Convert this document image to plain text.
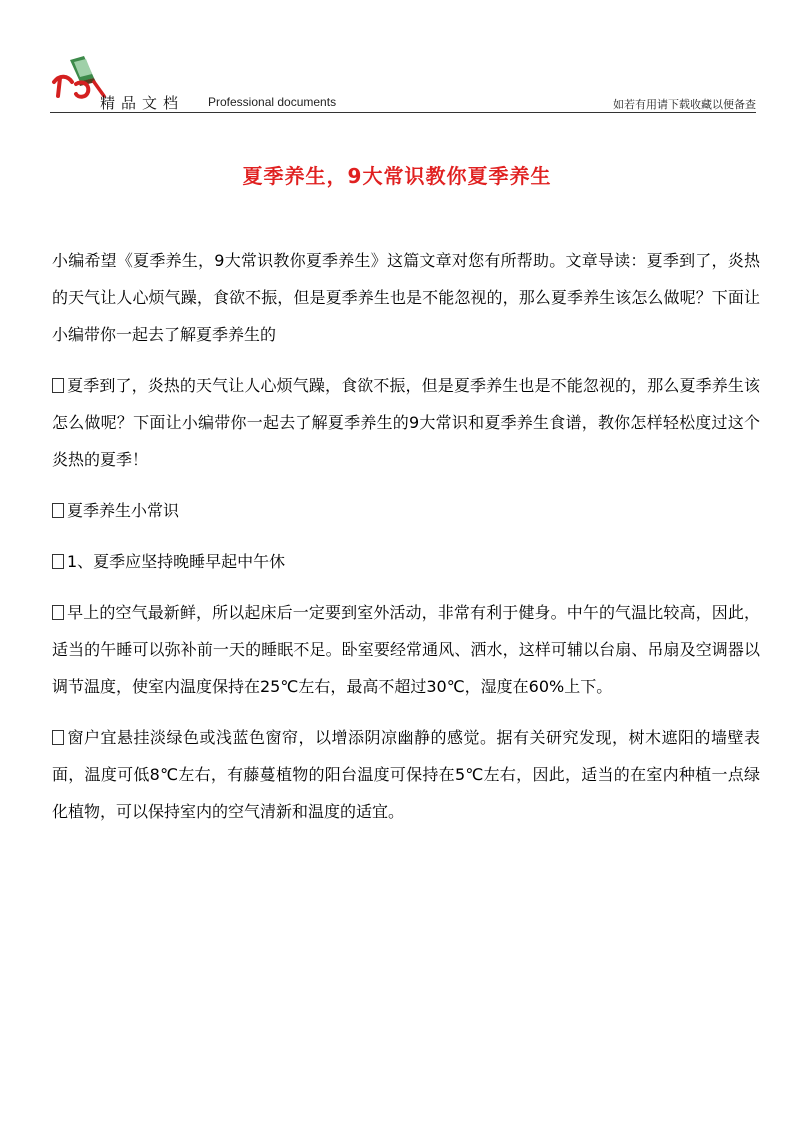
精品文档 Professional documents	如若有用请下载收藏以便备查
夏季养生，9大常识教你夏季养生

小编希望《夏季养生，9大常识教你夏季养生》这篇文章对您有所帮助。文章导读：夏季到了，炎热的天气让人心烦气躁，食欲不振，但是夏季养生也是不能忽视的，那么夏季养生该怎么做呢？下面让小编带你一起去了解夏季养生的

夏季到了，炎热的天气让人心烦气躁，食欲不振，但是夏季养生也是不能忽视的，那么夏季养生该怎么做呢？下面让小编带你一起去了解夏季养生的9大常识和夏季养生食谱，教你怎样轻松度过这个炎热的夏季！

夏季养生小常识

1、夏季应坚持晚睡早起中午休

早上的空气最新鲜，所以起床后一定要到室外活动，非常有利于健身。中午的气温比较高，因此，适当的午睡可以弥补前一天的睡眠不足。卧室要经常通风、洒水，这样可辅以台扇、吊扇及空调器以调节温度，使室内温度保持在25℃左右，最高不超过30℃，湿度在60%上下。

窗户宜悬挂淡绿色或浅蓝色窗帘，以增添阴凉幽静的感觉。据有关研究发现，树木遮阳的墙壁表面，温度可低8℃左右，有藤蔓植物的阳台温度可保持在5℃左右，因此，适当的在室内种植一点绿化植物，可以保持室内的空气清新和温度的适宜。
